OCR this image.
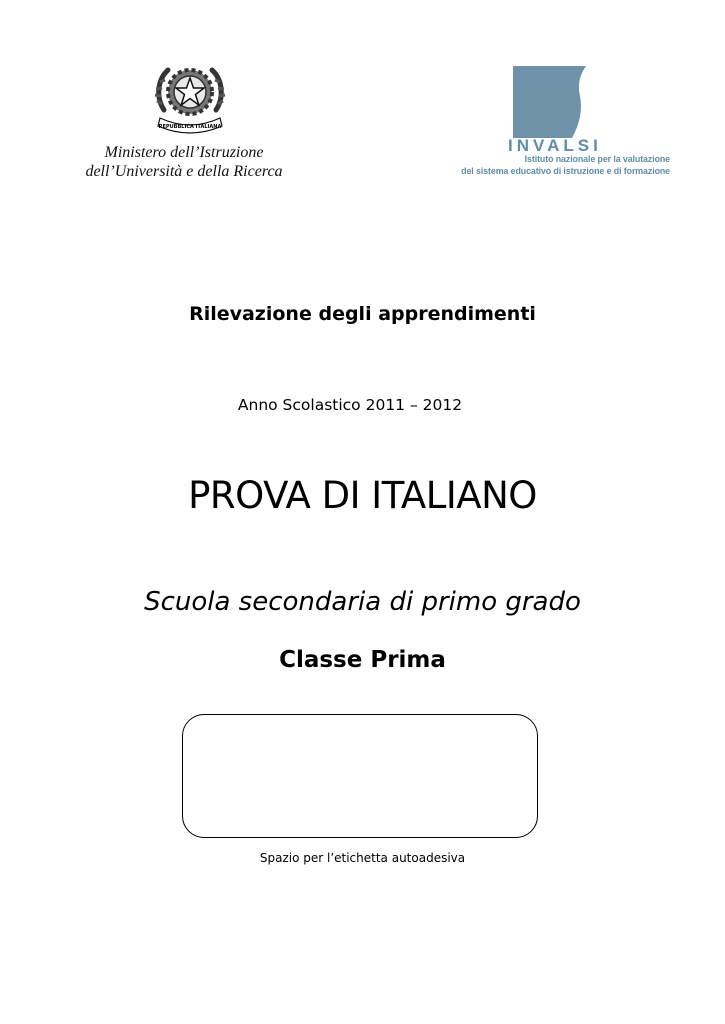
REPUBBLICA ITALIANA
Ministero dell’Istruzione
dell’Università e della Ricerca
INVALSI
Istituto nazionale per la valutazione
del sistema educativo di istruzione e di formazione
Rilevazione degli apprendimenti
Anno Scolastico 2011 – 2012
PROVA DI ITALIANO
Scuola secondaria di primo grado
Classe Prima
Spazio per l’etichetta autoadesiva
